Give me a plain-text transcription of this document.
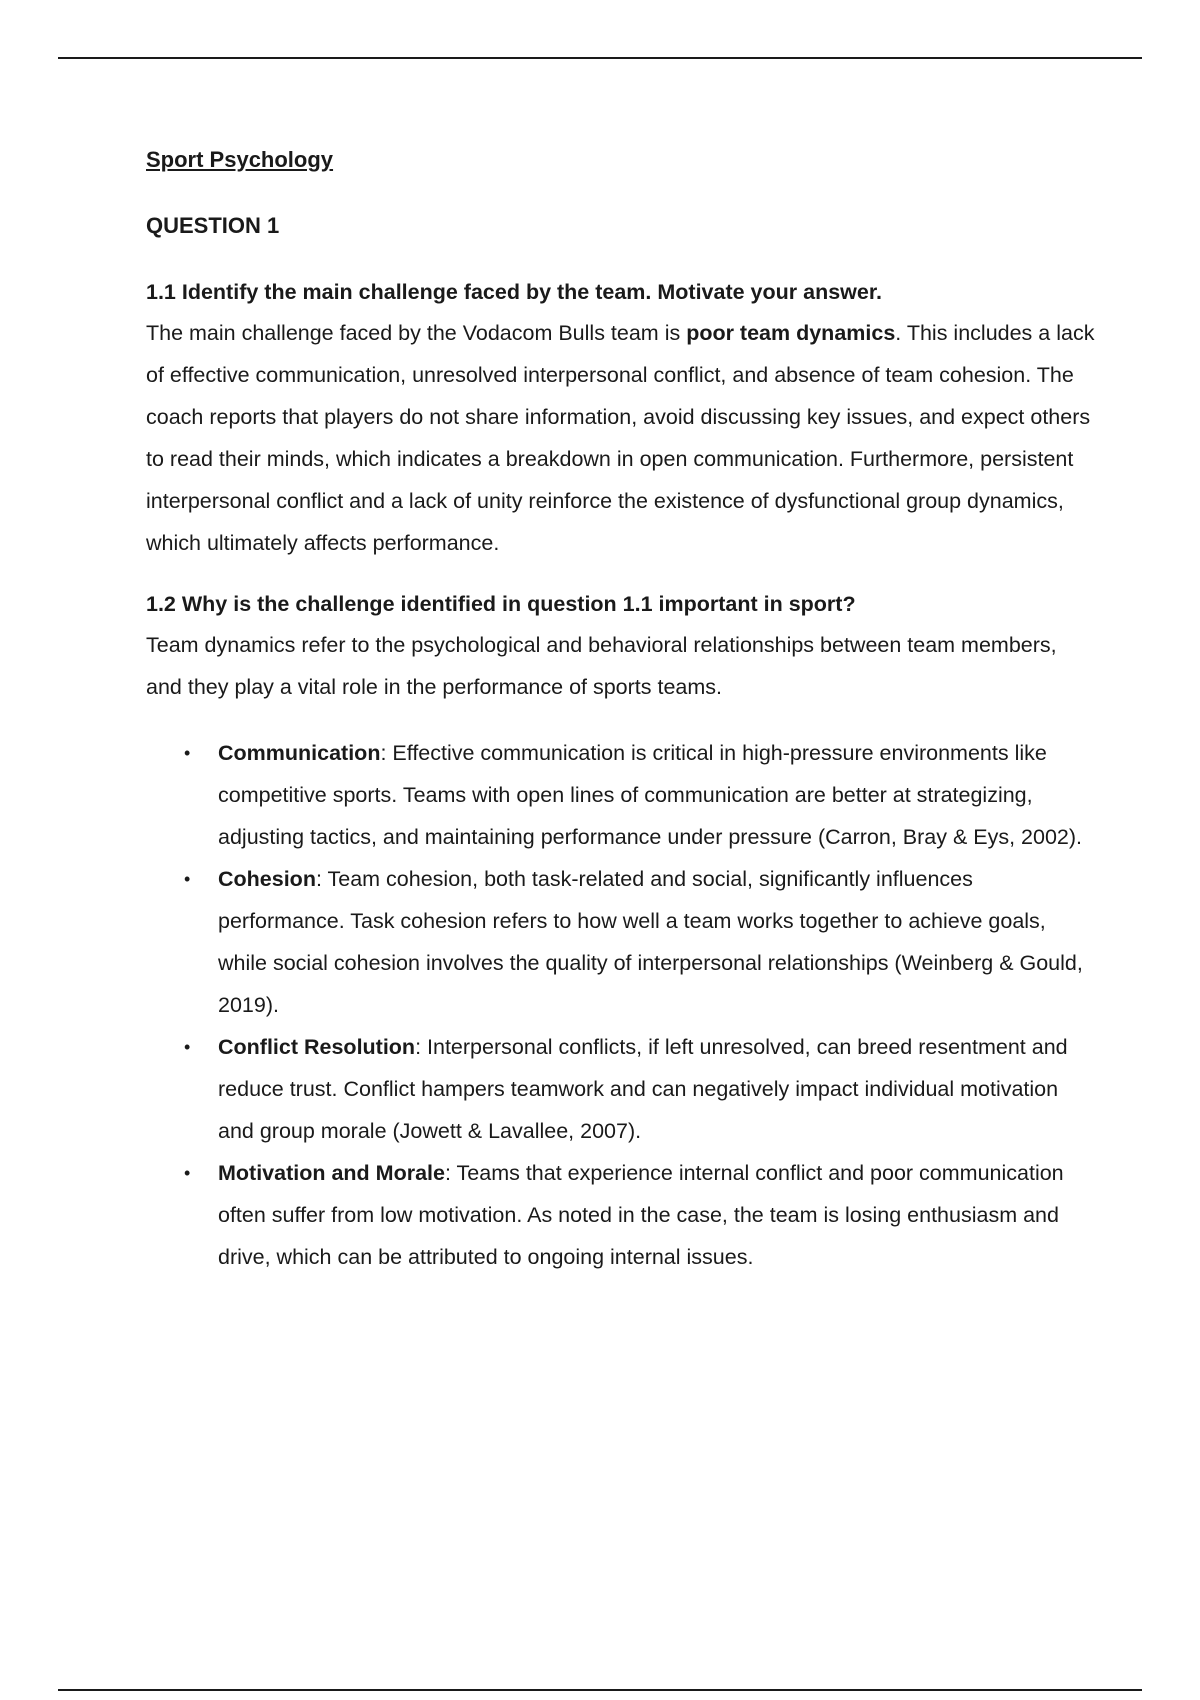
Sport Psychology
QUESTION 1
1.1 Identify the main challenge faced by the team. Motivate your answer.

The main challenge faced by the Vodacom Bulls team is poor team dynamics. This includes a lack of effective communication, unresolved interpersonal conflict, and absence of team cohesion. The coach reports that players do not share information, avoid discussing key issues, and expect others to read their minds, which indicates a breakdown in open communication. Furthermore, persistent interpersonal conflict and a lack of unity reinforce the existence of dysfunctional group dynamics, which ultimately affects performance.

1.2 Why is the challenge identified in question 1.1 important in sport?

Team dynamics refer to the psychological and behavioral relationships between team members, and they play a vital role in the performance of sports teams.

• Communication: Effective communication is critical in high-pressure environments like competitive sports. Teams with open lines of communication are better at strategizing, adjusting tactics, and maintaining performance under pressure (Carron, Bray & Eys, 2002).
• Cohesion: Team cohesion, both task-related and social, significantly influences performance. Task cohesion refers to how well a team works together to achieve goals, while social cohesion involves the quality of interpersonal relationships (Weinberg & Gould, 2019).
• Conflict Resolution: Interpersonal conflicts, if left unresolved, can breed resentment and reduce trust. Conflict hampers teamwork and can negatively impact individual motivation and group morale (Jowett & Lavallee, 2007).
• Motivation and Morale: Teams that experience internal conflict and poor communication often suffer from low motivation. As noted in the case, the team is losing enthusiasm and drive, which can be attributed to ongoing internal issues.
